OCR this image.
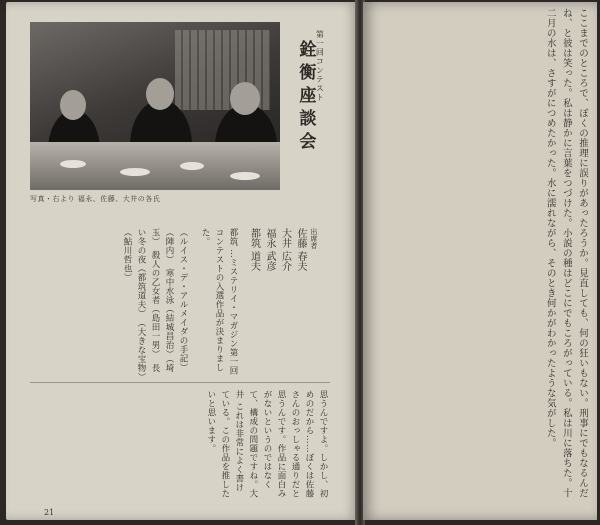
写真・右より 福永、佐藤、大井の各氏
第一回コンテスト
銓衡座談会
出席者
佐藤 春夫
大井 広介
福永 武彦
都筑 道夫
都筑 …ミステリイ・マガジン第一回コンテストの入選作品が決まりました。
（ルイス・デ・アルメイダの手記）（陣内）　寒中水泳（結城昌治）（埼玉）　殺人の乙女者（島田一男）　長い冬の夜（都筑道夫）　（大きな宝物）（鮎川哲也）
思うんですよ。しかし、初めのだから……ぼくは佐藤さんのおっしゃる通りだと思うんです。作品に面白みがないというのではなくて、構成の問題ですね。大井 これは非常によく書けている。この作品を推したいと思います。
21
ここまでのところで、ぼくの推理に誤りがあったろうか。見直しても、何の狂いもない。刑事にでもなるんだね、と彼は笑った。私は静かに言葉をつづけた。小説の種はどこにでもころがっている。私は川に落ちた。十二月の水は、さすがにつめたかった。水に濡れながら、そのとき何かがわかったような気がした。
